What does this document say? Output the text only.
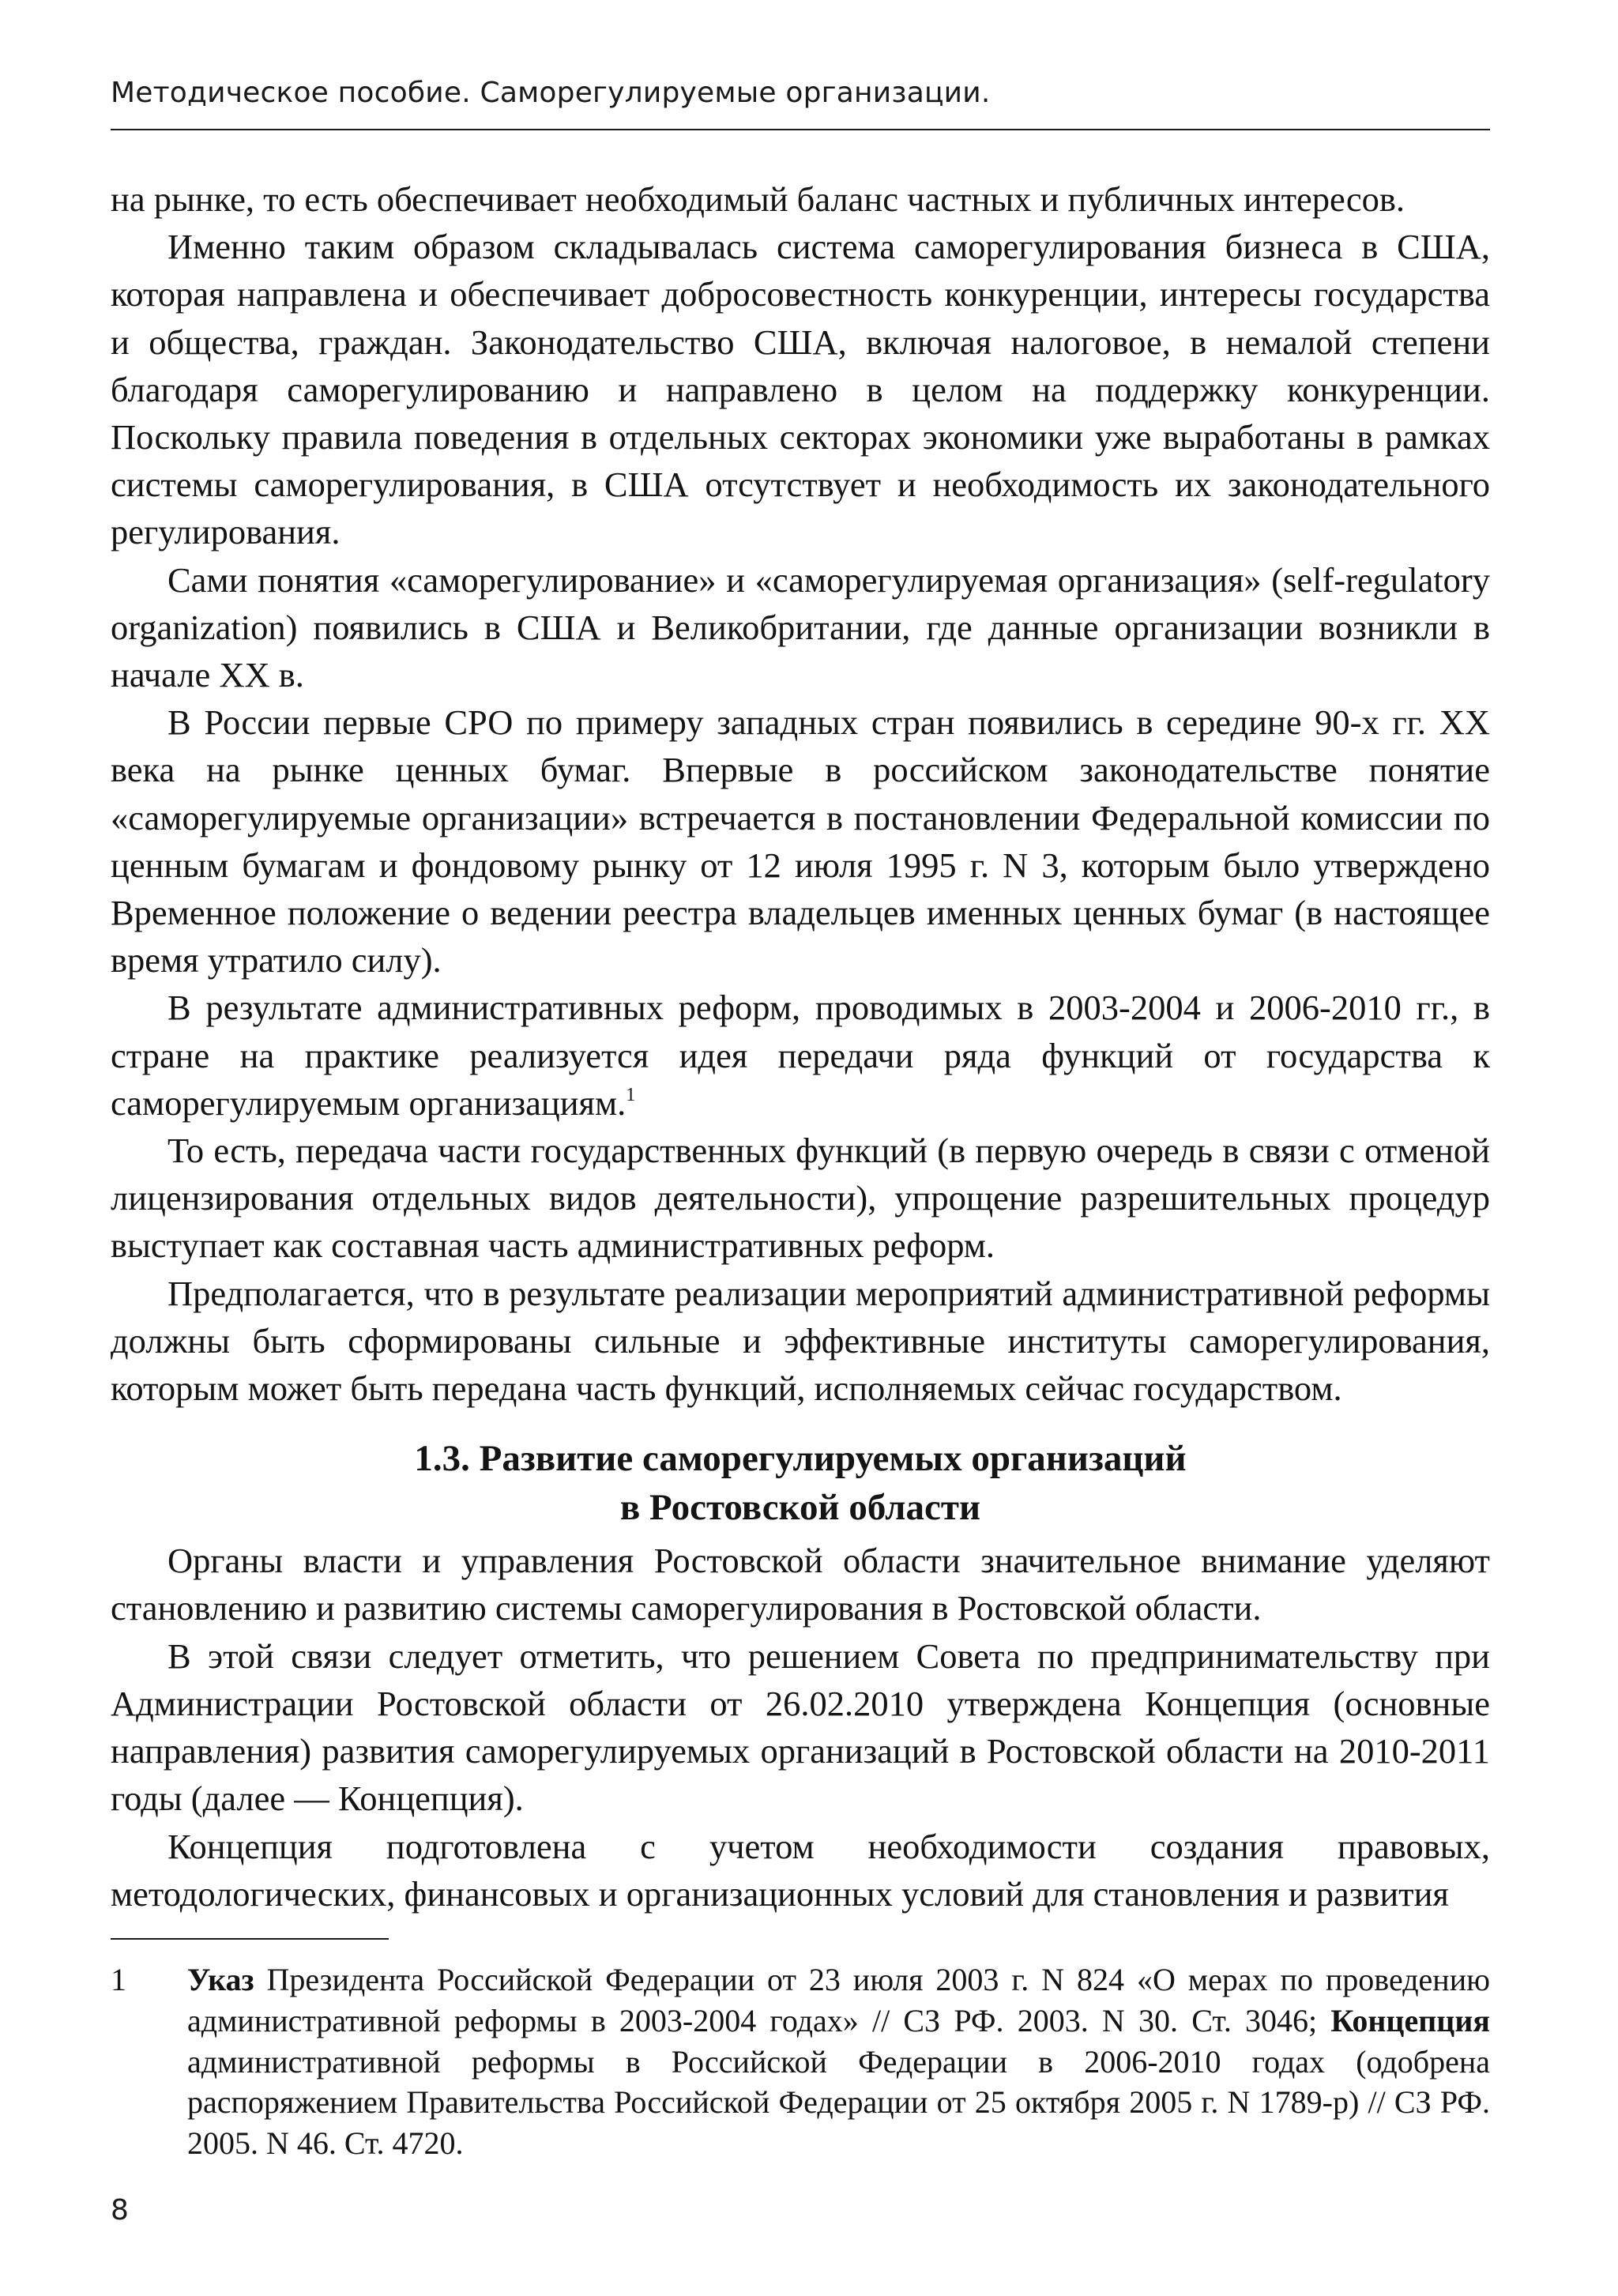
Методическое пособие. Саморегулируемые организации.

на рынке, то есть обеспечивает необходимый баланс частных и публичных интересов.

Именно таким образом складывалась система саморегулирования бизнеса в США, которая направлена и обеспечивает добросовестность конкуренции, интересы государства и общества, граждан. Законодательство США, включая налоговое, в немалой степени благодаря саморегулированию и направлено в целом на поддержку конкуренции. Поскольку правила поведения в отдельных секторах экономики уже выработаны в рамках системы саморегулирования, в США отсутствует и необходимость их законодательного регулирования.

Сами понятия «саморегулирование» и «саморегулируемая организация» (self-regulatory organization) появились в США и Великобритании, где данные организации возникли в начале XX в.

В России первые СРО по примеру западных стран появились в середине 90-х гг. XX века на рынке ценных бумаг. Впервые в российском законодательстве понятие «саморегулируемые организации» встречается в постановлении Федеральной комиссии по ценным бумагам и фондовому рынку от 12 июля 1995 г. N 3, которым было утверждено Временное положение о ведении реестра владельцев именных ценных бумаг (в настоящее время утратило силу).

В результате административных реформ, проводимых в 2003-2004 и 2006-2010 гг., в стране на практике реализуется идея передачи ряда функций от государства к саморегулируемым организациям.$^1$

То есть, передача части государственных функций (в первую очередь в связи с отменой лицензирования отдельных видов деятельности), упрощение разрешительных процедур выступает как составная часть административных реформ.

Предполагается, что в результате реализации мероприятий административной реформы должны быть сформированы сильные и эффективные институты саморегулирования, которым может быть передана часть функций, исполняемых сейчас государством.

1.3. Развитие саморегулируемых организаций
в Ростовской области

Органы власти и управления Ростовской области значительное внимание уделяют становлению и развитию системы саморегулирования в Ростовской области.

В этой связи следует отметить, что решением Совета по предпринимательству при Администрации Ростовской области от 26.02.2010 утверждена Концепция (основные направления) развития саморегулируемых организаций в Ростовской области на 2010-2011 годы (далее — Концепция).

Концепция подготовлена с учетом необходимости создания правовых, методологических, финансовых и организационных условий для становления и развития

1	Указ Президента Российской Федерации от 23 июля 2003 г. N 824 «О мерах по проведению административной реформы в 2003-2004 годах» // СЗ РФ. 2003. N 30. Ст. 3046; Концепция административной реформы в Российской Федерации в 2006-2010 годах (одобрена распоряжением Правительства Российской Федерации от 25 октября 2005 г. N 1789-р) // СЗ РФ. 2005. N 46. Ст. 4720.
8
